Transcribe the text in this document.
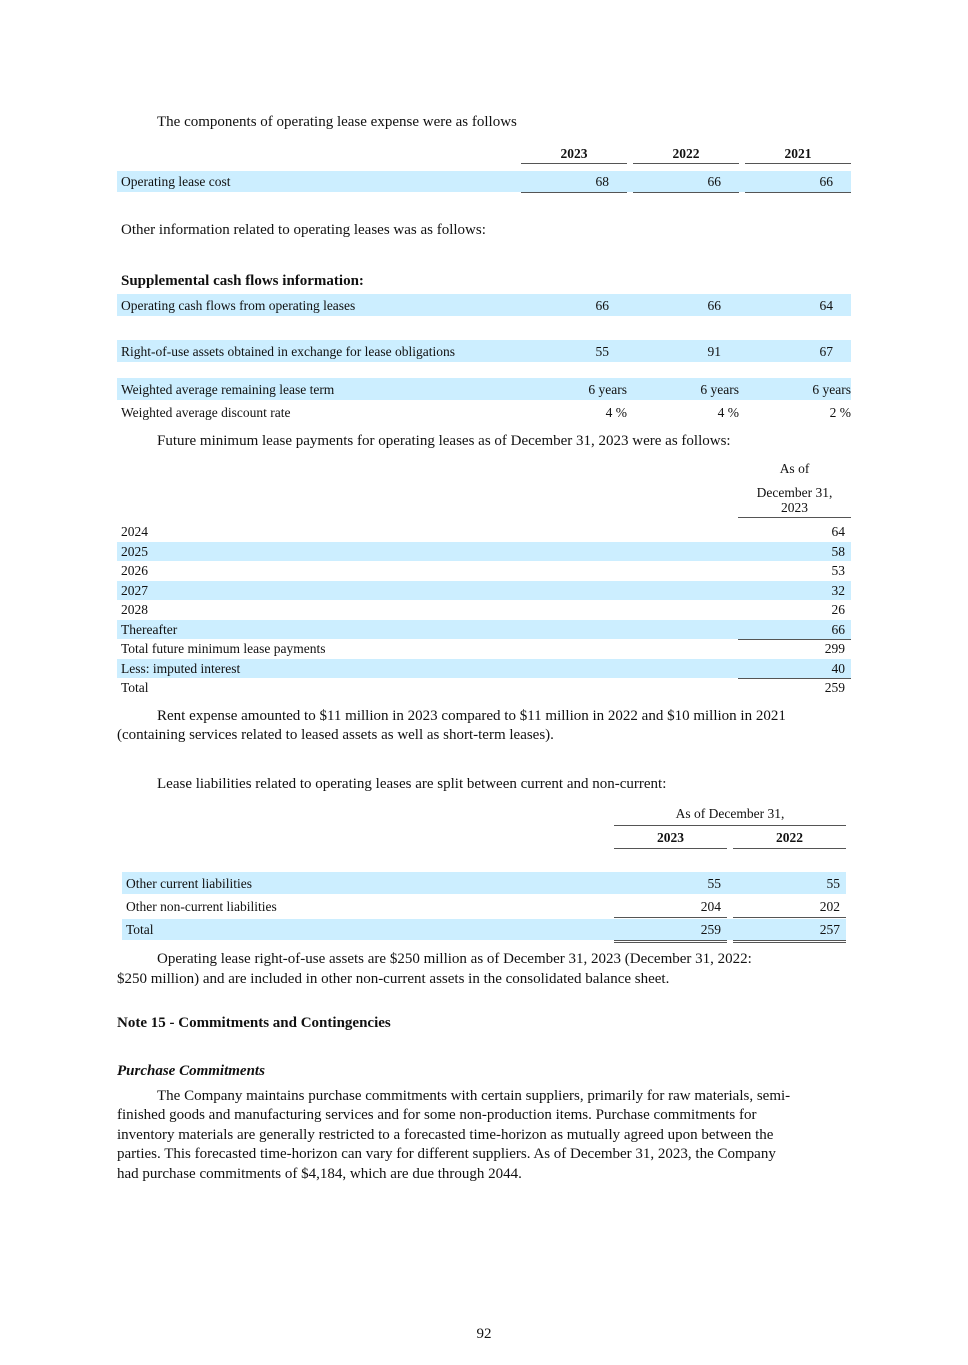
The components of operating lease expense were as follows
2023	2022	2021
Operating lease cost	68	66	66
Other information related to operating leases was as follows:
Supplemental cash flows information:
Operating cash flows from operating leases	66	66	64
Right-of-use assets obtained in exchange for lease obligations	55	91	67
Weighted average remaining lease term	6 years	6 years	6 years
Weighted average discount rate	4 %	4 %	2 %
Future minimum lease payments for operating leases as of December 31, 2023 were as follows:
As of
December 31,
2023
2024	64
2025	58
2026	53
2027	32
2028	26
Thereafter	66
Total future minimum lease payments	299
Less: imputed interest	40
Total	259
Rent expense amounted to $11 million in 2023 compared to $11 million in 2022 and $10 million in 2021
(containing services related to leased assets as well as short-term leases).
Lease liabilities related to operating leases are split between current and non-current:
As of December 31,
2023	2022
Other current liabilities	55	55
Other non-current liabilities	204	202
Total	259	257
Operating lease right-of-use assets are $250 million as of December 31, 2023 (December 31, 2022:
$250 million) and are included in other non-current assets in the consolidated balance sheet.
Note 15 - Commitments and Contingencies
Purchase Commitments
The Company maintains purchase commitments with certain suppliers, primarily for raw materials, semi-
finished goods and manufacturing services and for some non-production items. Purchase commitments for
inventory materials are generally restricted to a forecasted time-horizon as mutually agreed upon between the
parties. This forecasted time-horizon can vary for different suppliers. As of December 31, 2023, the Company
had purchase commitments of $4,184, which are due through 2044.
92
